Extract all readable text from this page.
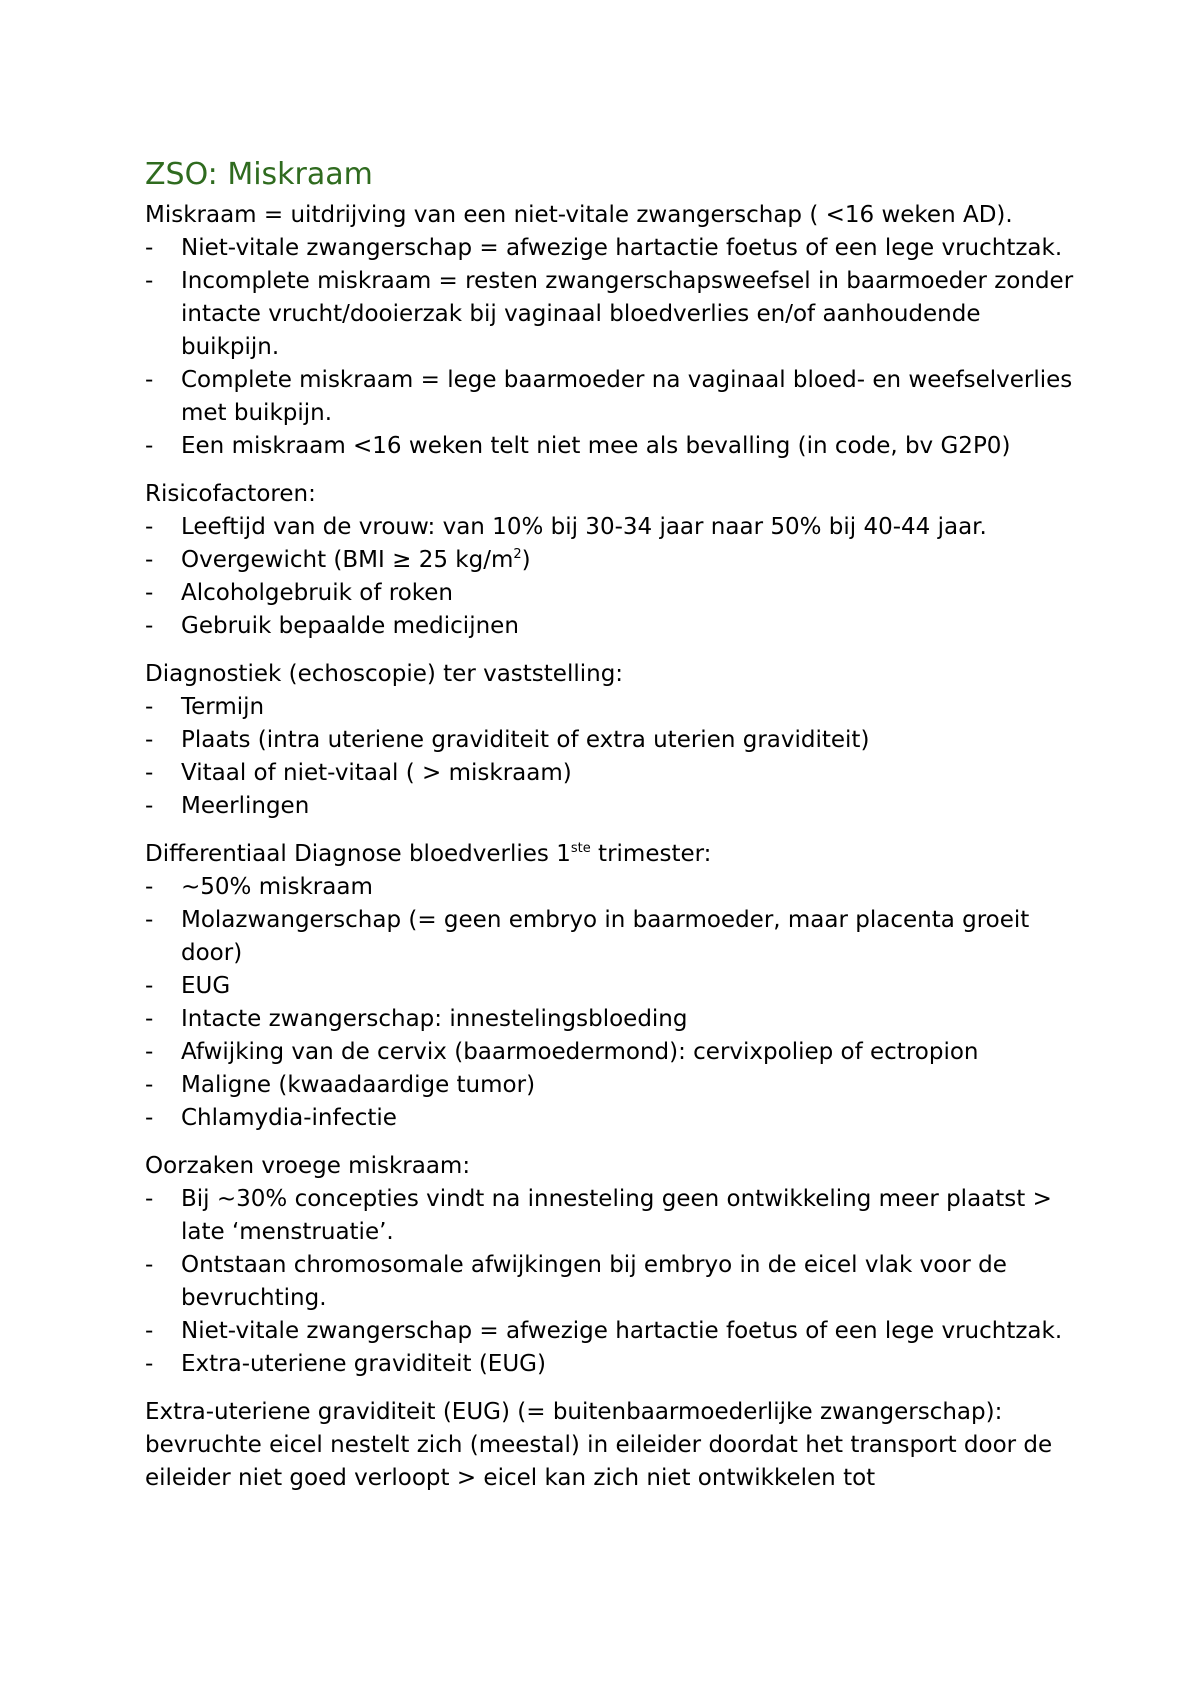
ZSO: Miskraam

Miskraam = uitdrijving van een niet-vitale zwangerschap ( <16 weken AD).

- Niet-vitale zwangerschap = afwezige hartactie foetus of een lege vruchtzak.
- Incomplete miskraam = resten zwangerschapsweefsel in baarmoeder zonder intacte vrucht/dooierzak bij vaginaal bloedverlies en/of aanhoudende buikpijn.
- Complete miskraam = lege baarmoeder na vaginaal bloed- en weefselverlies met buikpijn.
- Een miskraam <16 weken telt niet mee als bevalling (in code, bv G2P0)

Risicofactoren:

- Leeftijd van de vrouw: van 10% bij 30-34 jaar naar 50% bij 40-44 jaar.
- Overgewicht (BMI ≥ 25 $kg/m^2$)
- Alcoholgebruik of roken
- Gebruik bepaalde medicijnen

Diagnostiek (echoscopie) ter vaststelling:

- Termijn
- Plaats (intra uteriene graviditeit of extra uterien graviditeit)
- Vitaal of niet-vitaal ( > miskraam)
- Meerlingen

Differentiaal Diagnose bloedverlies 1ste trimester:

- ~50% miskraam
- Molazwangerschap (= geen embryo in baarmoeder, maar placenta groeit door)
- EUG
- Intacte zwangerschap: innestelingsbloeding
- Afwijking van de cervix (baarmoedermond): cervixpoliep of ectropion
- Maligne (kwaadaardige tumor)
- Chlamydia-infectie

Oorzaken vroege miskraam:

- Bij ~30% concepties vindt na innesteling geen ontwikkeling meer plaatst > late ‘menstruatie’.
- Ontstaan chromosomale afwijkingen bij embryo in de eicel vlak voor de bevruchting.
- Niet-vitale zwangerschap = afwezige hartactie foetus of een lege vruchtzak.
- Extra-uteriene graviditeit (EUG)

Extra-uteriene graviditeit (EUG) (= buitenbaarmoederlijke zwangerschap): bevruchte eicel nestelt zich (meestal) in eileider doordat het transport door de eileider niet goed verloopt > eicel kan zich niet ontwikkelen tot
